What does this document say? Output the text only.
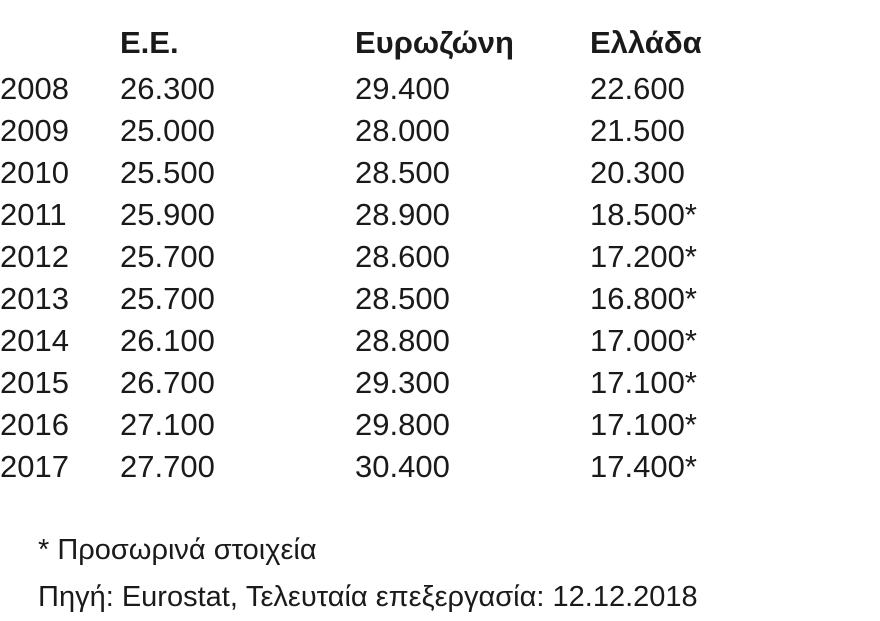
	Ε.Ε.	Ευρωζώνη	Ελλάδα
2008	26.300	29.400	22.600
2009	25.000	28.000	21.500
2010	25.500	28.500	20.300
2011	25.900	28.900	18.500*
2012	25.700	28.600	17.200*
2013	25.700	28.500	16.800*
2014	26.100	28.800	17.000*
2015	26.700	29.300	17.100*
2016	27.100	29.800	17.100*
2017	27.700	30.400	17.400*
* Προσωρινά στοιχεία
Πηγή: Eurostat, Τελευταία επεξεργασία: 12.12.2018
